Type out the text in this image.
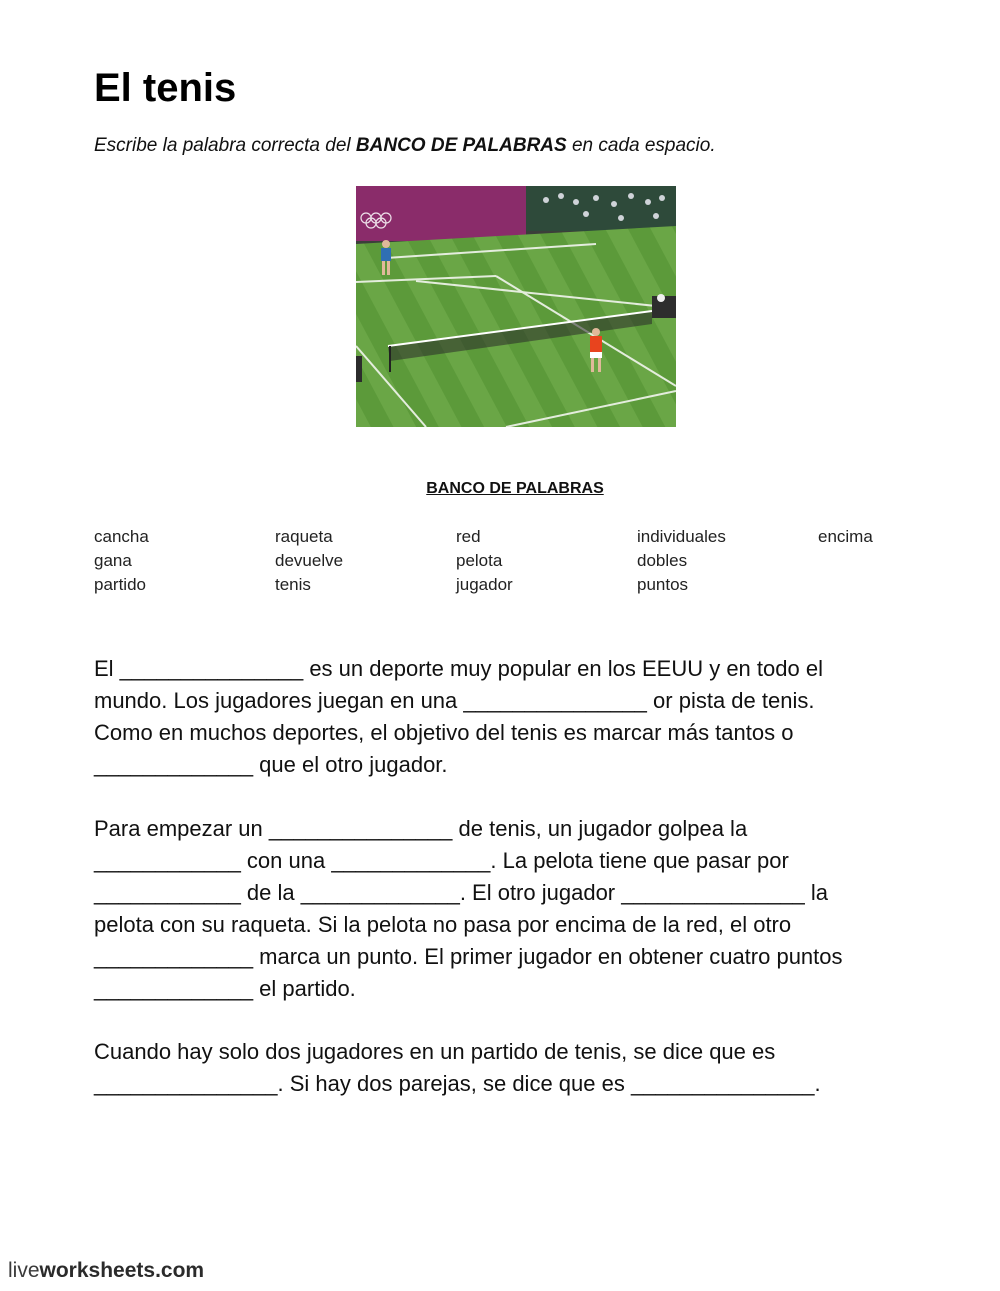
El tenis
Escribe la palabra correcta del BANCO DE PALABRAS en cada espacio.
BANCO DE PALABRAS
cancha	raqueta	red	individuales	encima
gana	devuelve	pelota	dobles
partido	tenis	jugador	puntos
El _______________ es un deporte muy popular en los EEUU y en todo el
mundo. Los jugadores juegan en una _______________ or pista de tenis.
Como en muchos deportes, el objetivo del tenis es marcar más tantos o
_____________ que el otro jugador.
Para empezar un _______________ de tenis, un jugador golpea la
____________ con una _____________. La pelota tiene que pasar por
____________ de la _____________. El otro jugador _______________ la
pelota con su raqueta. Si la pelota no pasa por encima de la red, el otro
_____________ marca un punto. El primer jugador en obtener cuatro puntos
_____________ el partido.
Cuando hay solo dos jugadores en un partido de tenis, se dice que es
_______________. Si hay dos parejas, se dice que es _______________.
liveworksheets.com
